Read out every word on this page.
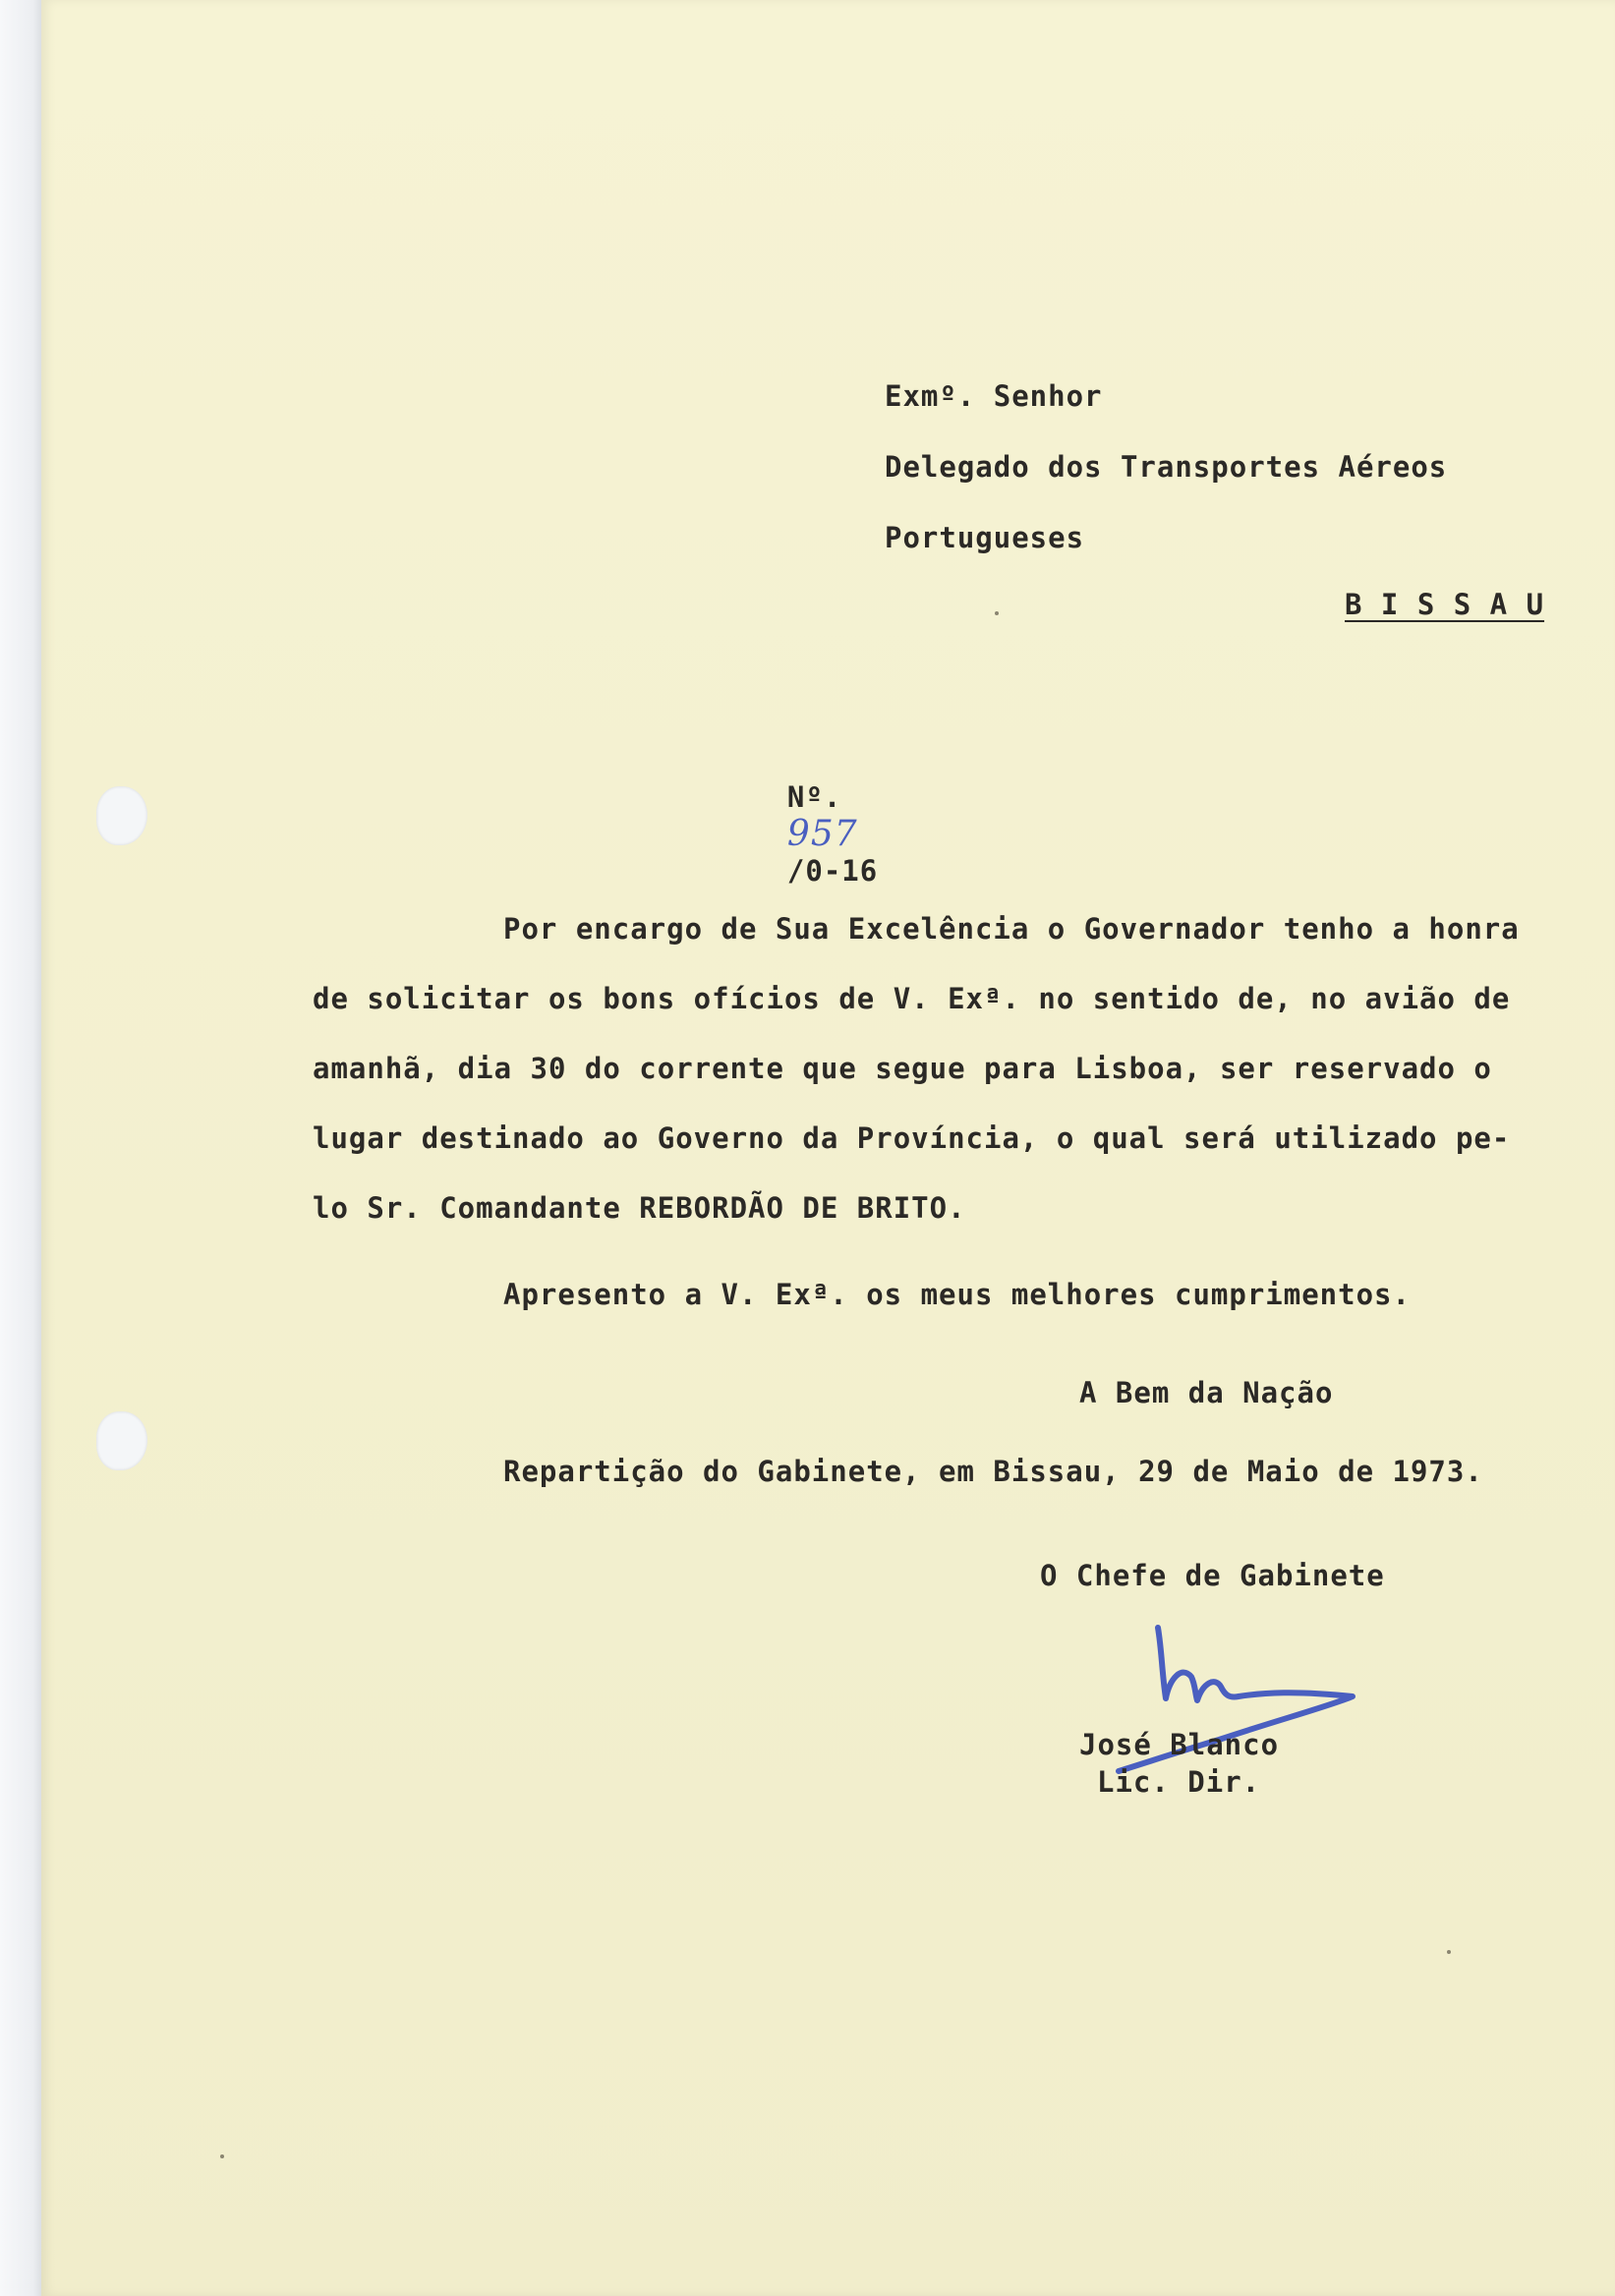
Exmº. Senhor
Delegado dos Transportes Aéreos
Portugueses
B I S S A U

Nº.
957
/0-16

Por encargo de Sua Excelência o Governador tenho a honra
de solicitar os bons ofícios de V. Exª. no sentido de, no avião de
amanhã, dia 30 do corrente que segue para Lisboa, ser reservado o
lugar destinado ao Governo da Província, o qual será utilizado pe-
lo Sr. Comandante REBORDÃO DE BRITO.
Apresento a V. Exª. os meus melhores cumprimentos.
A Bem da Nação
Repartição do Gabinete, em Bissau, 29 de Maio de 1973.
O Chefe de Gabinete
José Blanco
Lic. Dir.
